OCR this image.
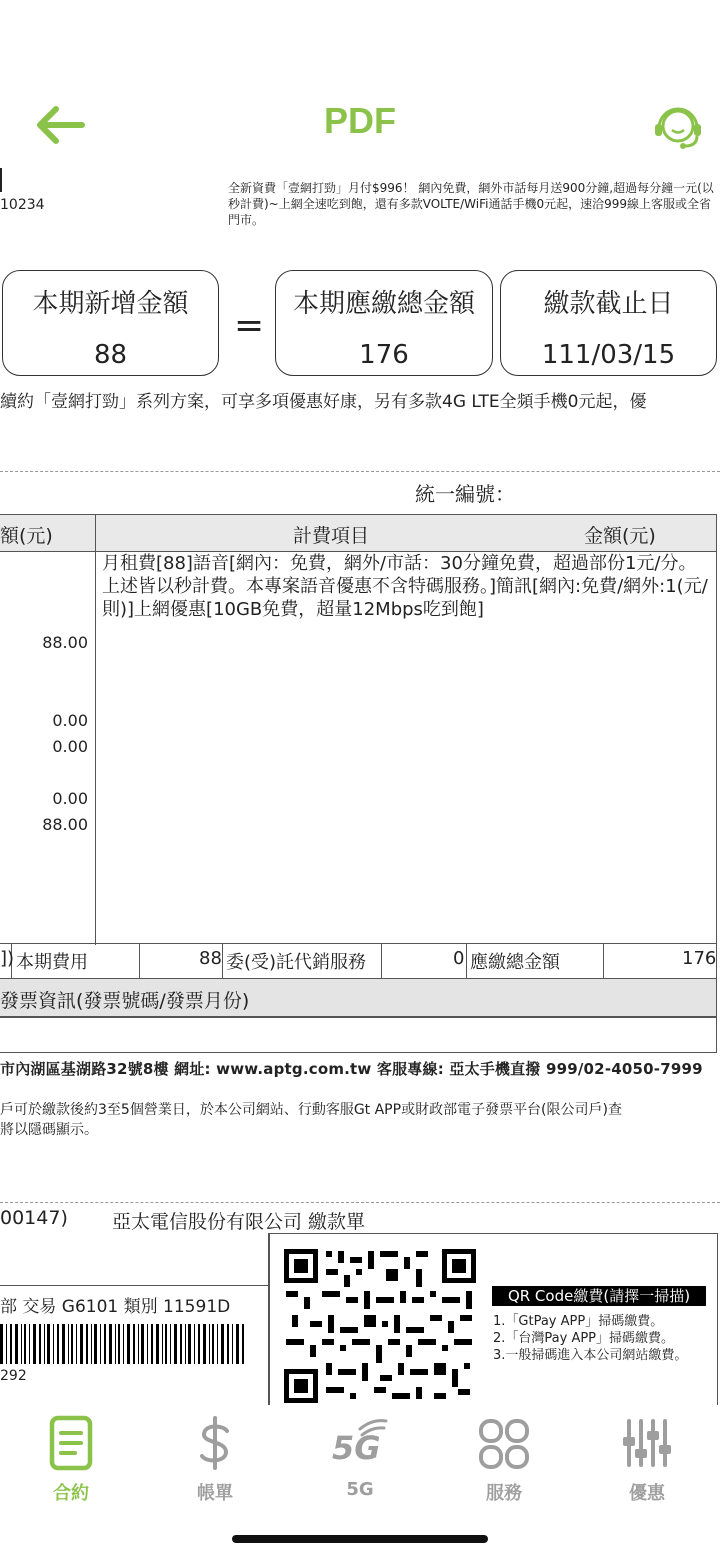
PDF
10234
全新資費「壹網打勁」月付$996！ 網內免費，網外市話每月送900分鐘,超過每分鐘一元(以秒計費)~上網全速吃到飽，還有多款VOLTE/WiFi通話手機0元起，速洽999線上客服或全省門市。
本期新增金額
88
=
本期應繳總金額
176
繳款截止日
111/03/15
續約「壹網打勁」系列方案，可享多項優惠好康，另有多款4G LTE全頻手機0元起，優
統一編號：
額(元)	計費項目	金額(元)
月租費[88]語音[網內：免費，網外/市話：30分鐘免費，超過部份1元/分。上述皆以秒計費。本專案語音優惠不含特碼服務。]簡訊[網內:免費/網外:1(元/則)]上網優惠[10GB免費，超量12Mbps吃到飽]
88.00
0.00
0.00
0.00
88.00
]) 本期費用	88 委(受)託代銷服務	0 應繳總金額	176
發票資訊(發票號碼/發票月份)
市內湖區基湖路32號8樓 網址: www.aptg.com.tw 客服專線: 亞太手機直撥 999/02-4050-7999
戶可於繳款後約3至5個營業日，於本公司網站、行動客服Gt APP或財政部電子發票平台(限公司戶)查
將以隱碼顯示。
00147) 亞太電信股份有限公司 繳款單
部 交易 G6101 類別 11591D
292
QR Code繳費(請擇一掃描)
1.「GtPay APP」掃碼繳費。
2.「台灣Pay APP」掃碼繳費。
3.一般掃碼進入本公司網站繳費。
合約	帳單
5G
5G	服務	優惠
